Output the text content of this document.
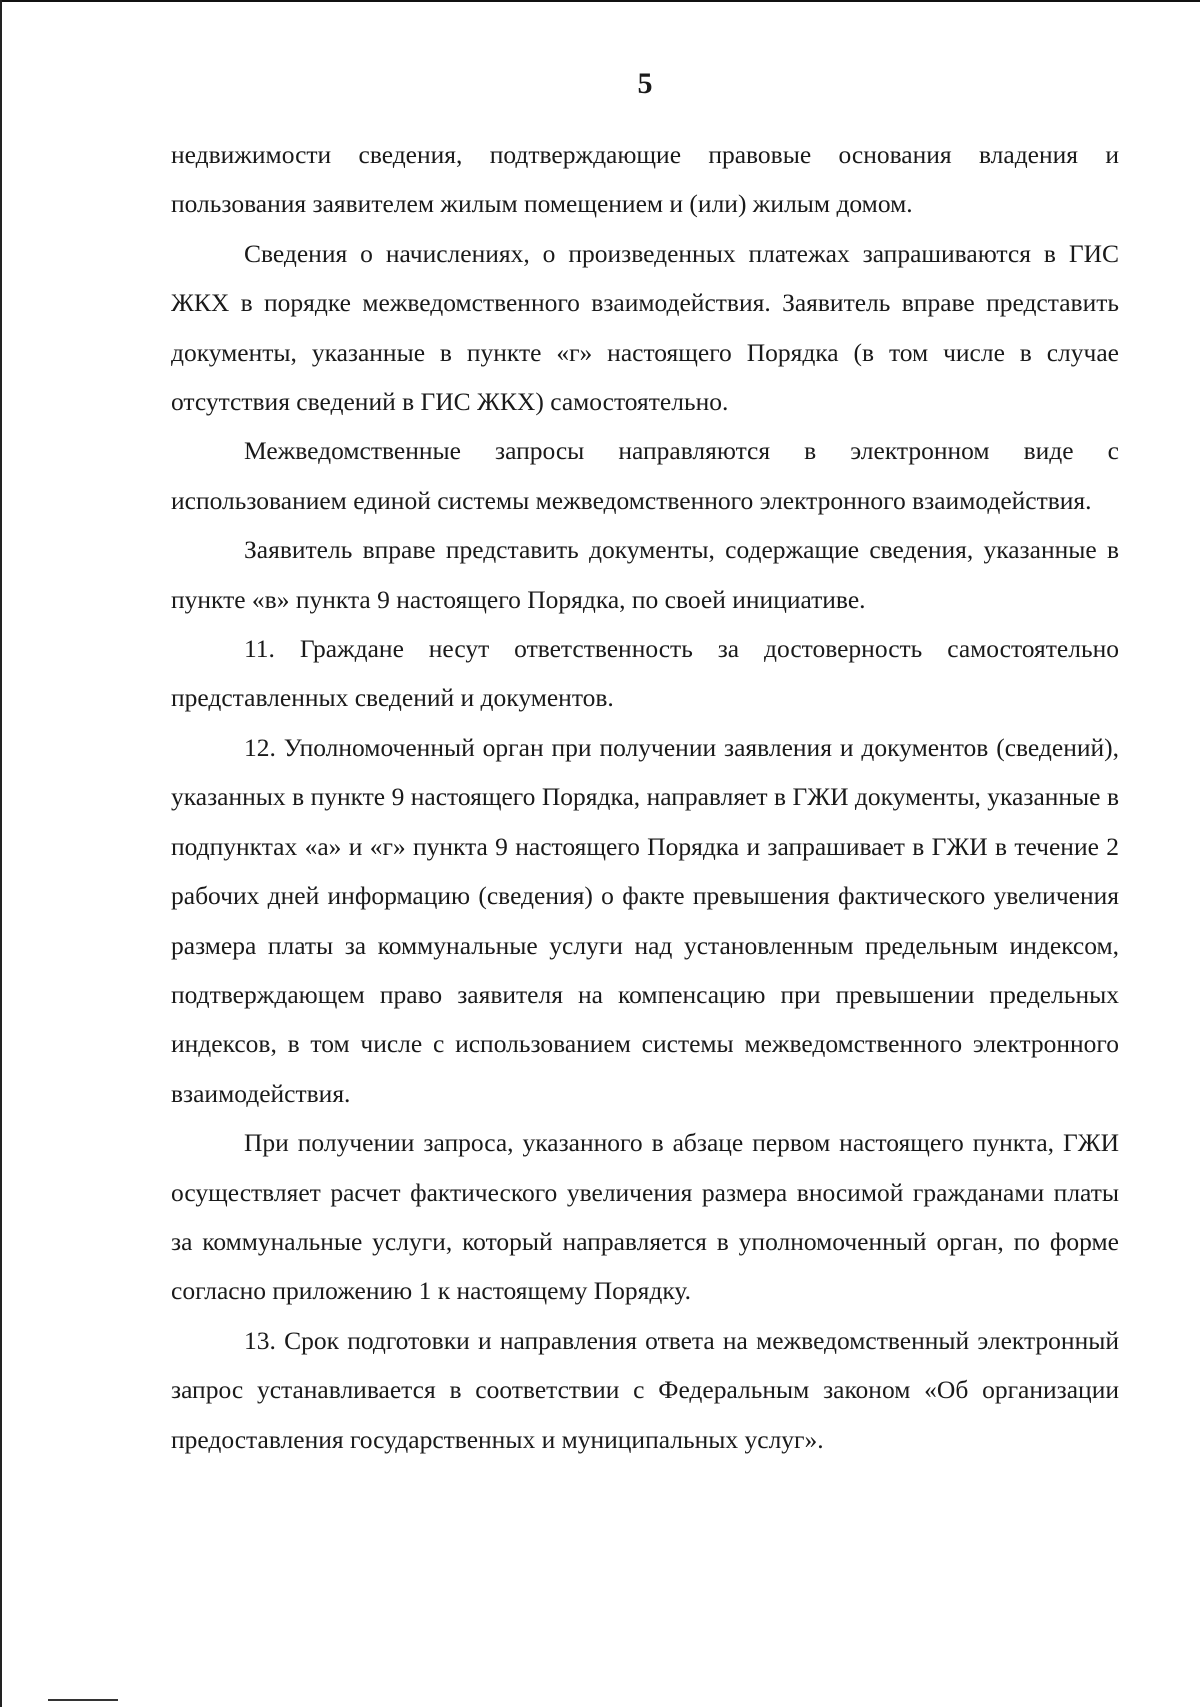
5

недвижимости сведения, подтверждающие правовые основания владения и пользования заявителем жилым помещением и (или) жилым домом.

Сведения о начислениях, о произведенных платежах запрашиваются в ГИС ЖКХ в порядке межведомственного взаимодействия. Заявитель вправе представить документы, указанные в пункте «г» настоящего Порядка (в том числе в случае отсутствия сведений в ГИС ЖКХ) самостоятельно.

Межведомственные запросы направляются в электронном виде с использованием единой системы межведомственного электронного взаимодействия.

Заявитель вправе представить документы, содержащие сведения, указанные в пункте «в» пункта 9 настоящего Порядка, по своей инициативе.

11. Граждане несут ответственность за достоверность самостоятельно представленных сведений и документов.

12. Уполномоченный орган при получении заявления и документов (сведений), указанных в пункте 9 настоящего Порядка, направляет в ГЖИ документы, указанные в подпунктах «а» и «г» пункта 9 настоящего Порядка и запрашивает в ГЖИ в течение 2 рабочих дней информацию (сведения) о факте превышения фактического увеличения размера платы за коммунальные услуги над установленным предельным индексом, подтверждающем право заявителя на компенсацию при превышении предельных индексов, в том числе с использованием системы межведомственного электронного взаимодействия.

При получении запроса, указанного в абзаце первом настоящего пункта, ГЖИ осуществляет расчет фактического увеличения размера вносимой гражданами платы за коммунальные услуги, который направляется в уполномоченный орган, по форме согласно приложению 1 к настоящему Порядку.

13. Срок подготовки и направления ответа на межведомственный электронный запрос устанавливается в соответствии с Федеральным законом «Об организации предоставления государственных и муниципальных услуг».
